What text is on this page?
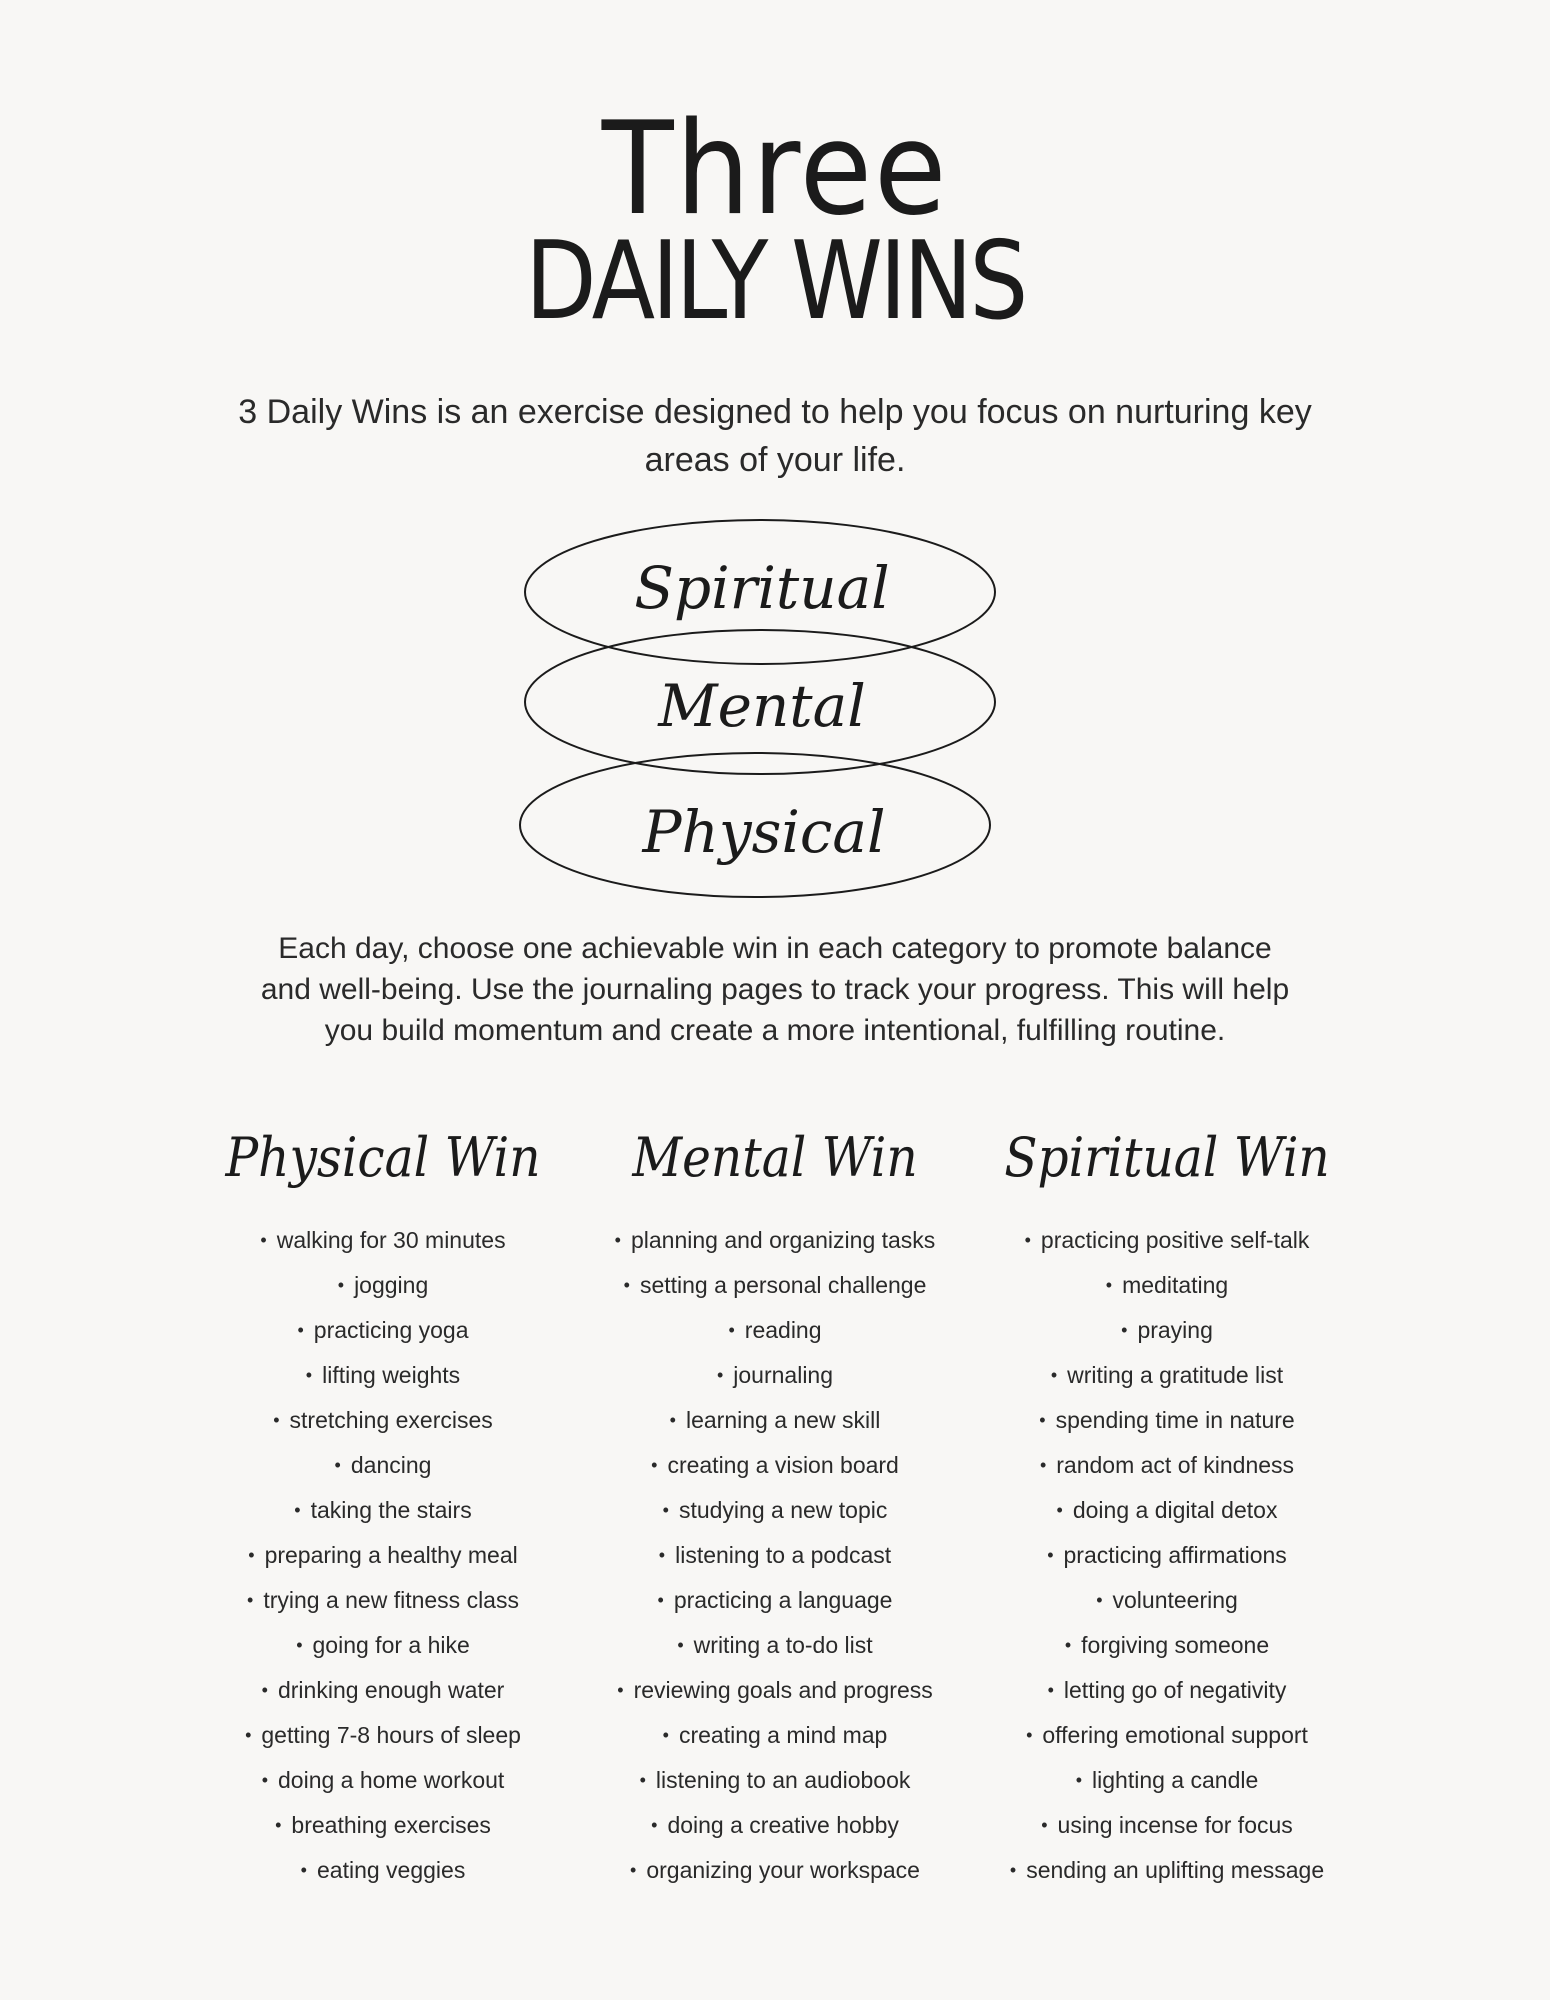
Three
DAILY WINS
3 Daily Wins is an exercise designed to help you focus on nurturing key areas of your life.
Spiritual
Mental
Physical
Each day, choose one achievable win in each category to promote balance and well-being. Use the journaling pages to track your progress. This will help you build momentum and create a more intentional, fulfilling routine.
Physical Win
• walking for 30 minutes
• jogging
• practicing yoga
• lifting weights
• stretching exercises
• dancing
• taking the stairs
• preparing a healthy meal
• trying a new fitness class
• going for a hike
• drinking enough water
• getting 7-8 hours of sleep
• doing a home workout
• breathing exercises
• eating veggies
Mental Win
• planning and organizing tasks
• setting a personal challenge
• reading
• journaling
• learning a new skill
• creating a vision board
• studying a new topic
• listening to a podcast
• practicing a language
• writing a to-do list
• reviewing goals and progress
• creating a mind map
• listening to an audiobook
• doing a creative hobby
• organizing your workspace
Spiritual Win
• practicing positive self-talk
• meditating
• praying
• writing a gratitude list
• spending time in nature
• random act of kindness
• doing a digital detox
• practicing affirmations
• volunteering
• forgiving someone
• letting go of negativity
• offering emotional support
• lighting a candle
• using incense for focus
• sending an uplifting message
